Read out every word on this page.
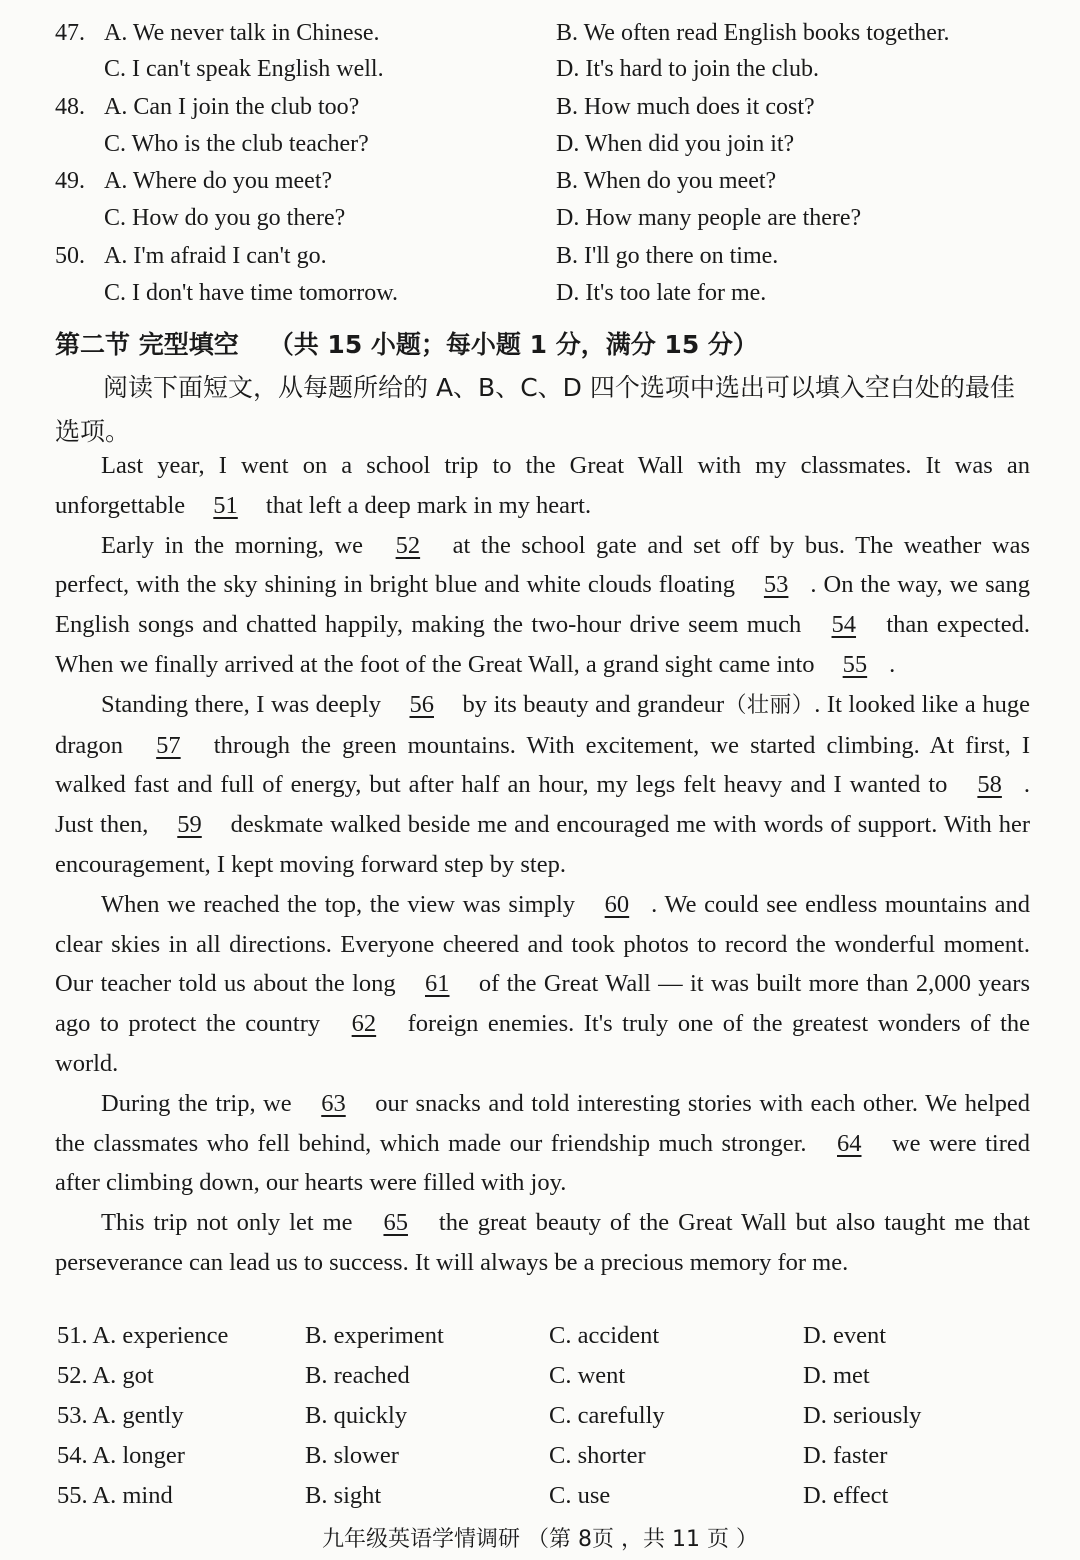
47. A. We never talk in Chinese.	B. We often read English books together.
C. I can't speak English well.	D. It's hard to join the club.
48. A. Can I join the club too?	B. How much does it cost?
C. Who is the club teacher?	D. When did you join it?
49. A. Where do you meet?	B. When do you meet?
C. How do you go there?	D. How many people are there?
50. A. I'm afraid I can't go.	B. I'll go there on time.
C. I don't have time tomorrow.	D. It's too late for me.
第二节 完型填空 （共 15 小题；每小题 1 分，满分 15 分）
阅读下面短文，从每题所给的 A、B、C、D 四个选项中选出可以填入空白处的最佳选项。

Last year, I went on a school trip to the Great Wall with my classmates. It was an unforgettable 51 that left a deep mark in my heart.

Early in the morning, we 52 at the school gate and set off by bus. The weather was perfect, with the sky shining in bright blue and white clouds floating 53 . On the way, we sang English songs and chatted happily, making the two-hour drive seem much 54 than expected. When we finally arrived at the foot of the Great Wall, a grand sight came into 55 .

Standing there, I was deeply 56 by its beauty and grandeur（壮丽）. It looked like a huge dragon 57 through the green mountains. With excitement, we started climbing. At first, I walked fast and full of energy, but after half an hour, my legs felt heavy and I wanted to 58 . Just then, 59 deskmate walked beside me and encouraged me with words of support. With her encouragement, I kept moving forward step by step.

When we reached the top, the view was simply 60 . We could see endless mountains and clear skies in all directions. Everyone cheered and took photos to record the wonderful moment. Our teacher told us about the long 61 of the Great Wall — it was built more than 2,000 years ago to protect the country 62 foreign enemies. It's truly one of the greatest wonders of the world.

During the trip, we 63 our snacks and told interesting stories with each other. We helped the classmates who fell behind, which made our friendship much stronger. 64 we were tired after climbing down, our hearts were filled with joy.

This trip not only let me 65 the great beauty of the Great Wall but also taught me that perseverance can lead us to success. It will always be a precious memory for me.

51. A. experience	B. experiment	C. accident	D. event
52. A. got	B. reached	C. went	D. met
53. A. gently	B. quickly	C. carefully	D. seriously
54. A. longer	B. slower	C. shorter	D. faster
55. A. mind	B. sight	C. use	D. effect
九年级英语学情调研 （第 8页 ，共 11 页 ）
